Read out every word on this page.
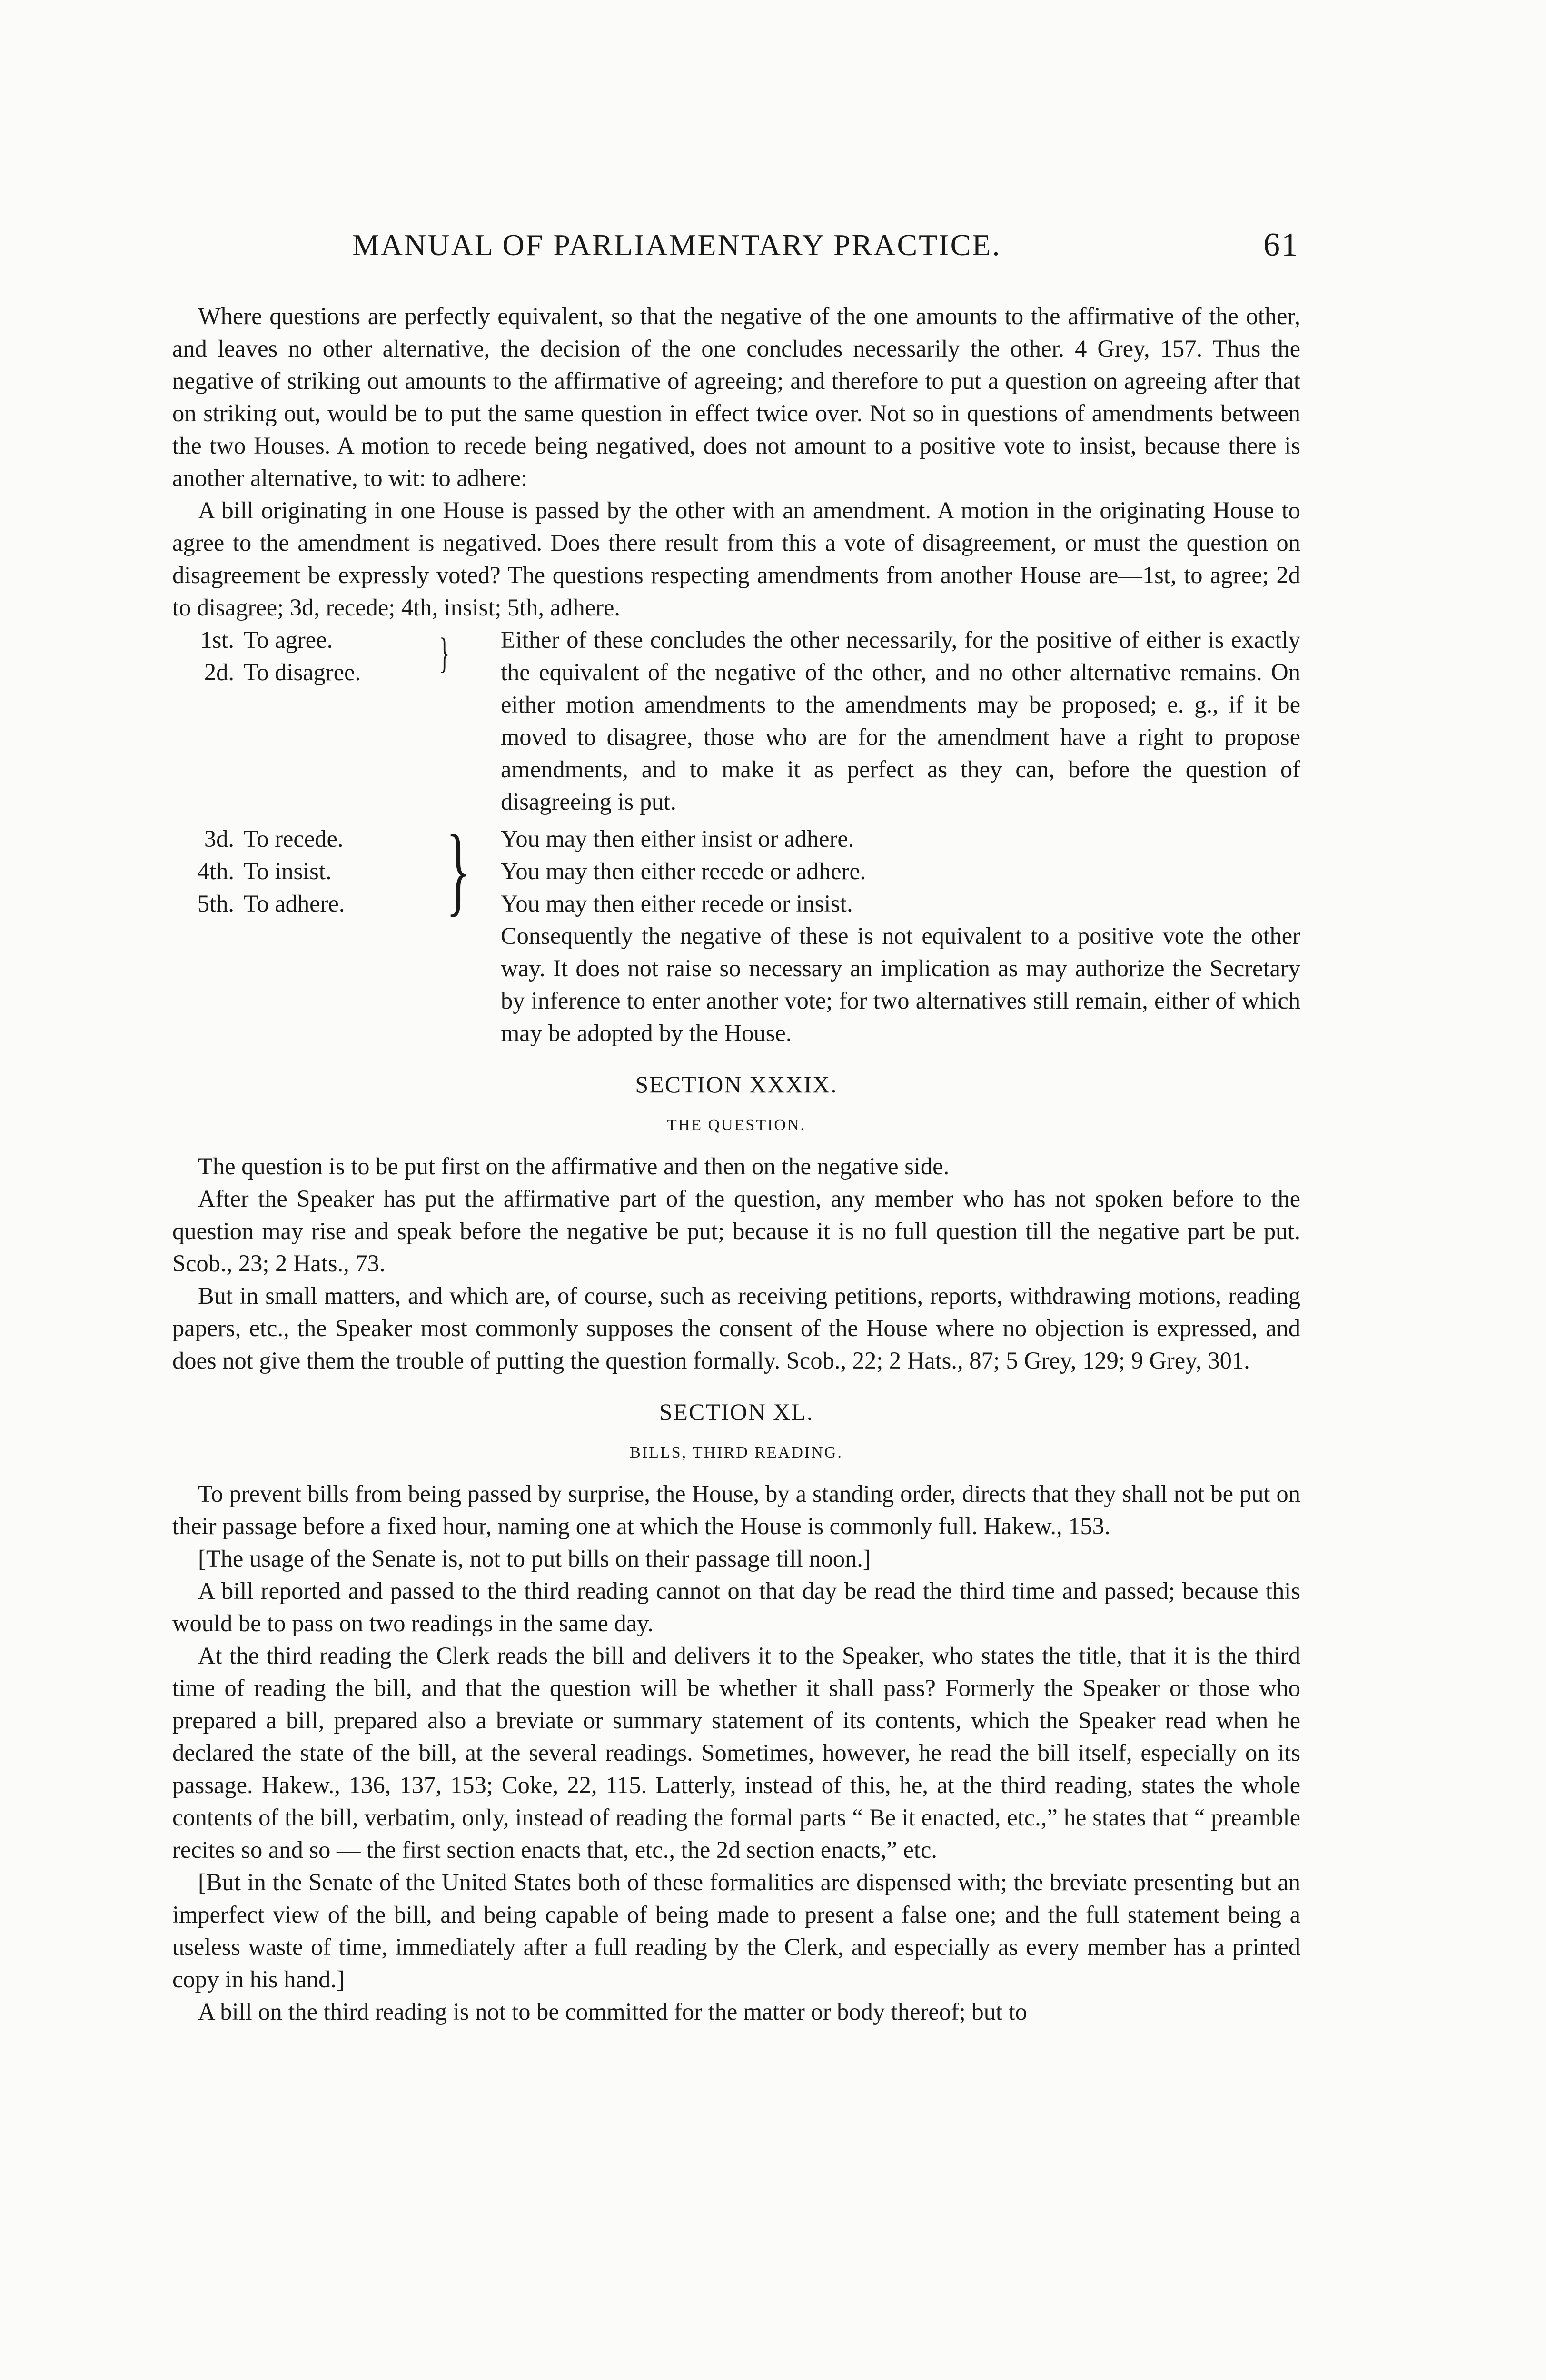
MANUAL OF PARLIAMENTARY PRACTICE.	61

Where questions are perfectly equivalent, so that the negative of the one amounts to the affirmative of the other, and leaves no other alternative, the decision of the one concludes necessarily the other. 4 Grey, 157. Thus the negative of striking out amounts to the affirmative of agreeing; and therefore to put a question on agreeing after that on striking out, would be to put the same question in effect twice over. Not so in questions of amendments between the two Houses. A motion to recede being negatived, does not amount to a positive vote to insist, because there is another alternative, to wit: to adhere:

A bill originating in one House is passed by the other with an amendment. A motion in the originating House to agree to the amendment is negatived. Does there result from this a vote of disagreement, or must the question on disagreement be expressly voted? The questions respecting amendments from another House are—1st, to agree; 2d to disagree; 3d, recede; 4th, insist; 5th, adhere.

1st. To agree.
2d. To disagree.	} Either of these concludes the other necessarily, for the positive of either is exactly the equivalent of the negative of the other, and no other alternative remains. On either motion amendments to the amendments may be proposed; e. g., if it be moved to disagree, those who are for the amendment have a right to propose amendments, and to make it as perfect as they can, before the question of disagreeing is put.
3d. To recede.
4th. To insist.
5th. To adhere.	} You may then either insist or adhere.
You may then either recede or adhere.
You may then either recede or insist.
Consequently the negative of these is not equivalent to a positive vote the other way. It does not raise so necessary an implication as may authorize the Secretary by inference to enter another vote; for two alternatives still remain, either of which may be adopted by the House.
SECTION XXXIX.
THE QUESTION.

The question is to be put first on the affirmative and then on the negative side.

After the Speaker has put the affirmative part of the question, any member who has not spoken before to the question may rise and speak before the negative be put; because it is no full question till the negative part be put. Scob., 23; 2 Hats., 73.

But in small matters, and which are, of course, such as receiving petitions, reports, withdrawing motions, reading papers, etc., the Speaker most commonly supposes the consent of the House where no objection is expressed, and does not give them the trouble of putting the question formally. Scob., 22; 2 Hats., 87; 5 Grey, 129; 9 Grey, 301.

SECTION XL.
BILLS, THIRD READING.

To prevent bills from being passed by surprise, the House, by a standing order, directs that they shall not be put on their passage before a fixed hour, naming one at which the House is commonly full. Hakew., 153.

[The usage of the Senate is, not to put bills on their passage till noon.]

A bill reported and passed to the third reading cannot on that day be read the third time and passed; because this would be to pass on two readings in the same day.

At the third reading the Clerk reads the bill and delivers it to the Speaker, who states the title, that it is the third time of reading the bill, and that the question will be whether it shall pass? Formerly the Speaker or those who prepared a bill, prepared also a breviate or summary statement of its contents, which the Speaker read when he declared the state of the bill, at the several readings. Sometimes, however, he read the bill itself, especially on its passage. Hakew., 136, 137, 153; Coke, 22, 115. Latterly, instead of this, he, at the third reading, states the whole contents of the bill, verbatim, only, instead of reading the formal parts “ Be it enacted, etc.,” he states that “ preamble recites so and so — the first section enacts that, etc., the 2d section enacts,” etc.

[But in the Senate of the United States both of these formalities are dispensed with; the breviate presenting but an imperfect view of the bill, and being capable of being made to present a false one; and the full statement being a useless waste of time, immediately after a full reading by the Clerk, and especially as every member has a printed copy in his hand.]

A bill on the third reading is not to be committed for the matter or body thereof; but to
